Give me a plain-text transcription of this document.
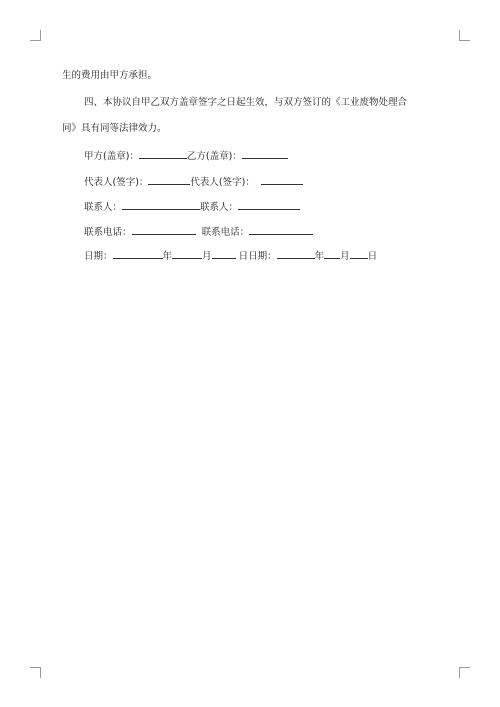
生的费用由甲方承担。
四、本协议自甲乙双方盖章签字之日起生效，与双方签订的《工业废物处理合
同》具有同等法律效力。
甲方(盖章)：	乙方(盖章)：
代表人(签字)：	代表人(签字)：
联系人：	联系人：
联系电话：	联系电话：
日期：	年	月	日日期：	年 月 日
